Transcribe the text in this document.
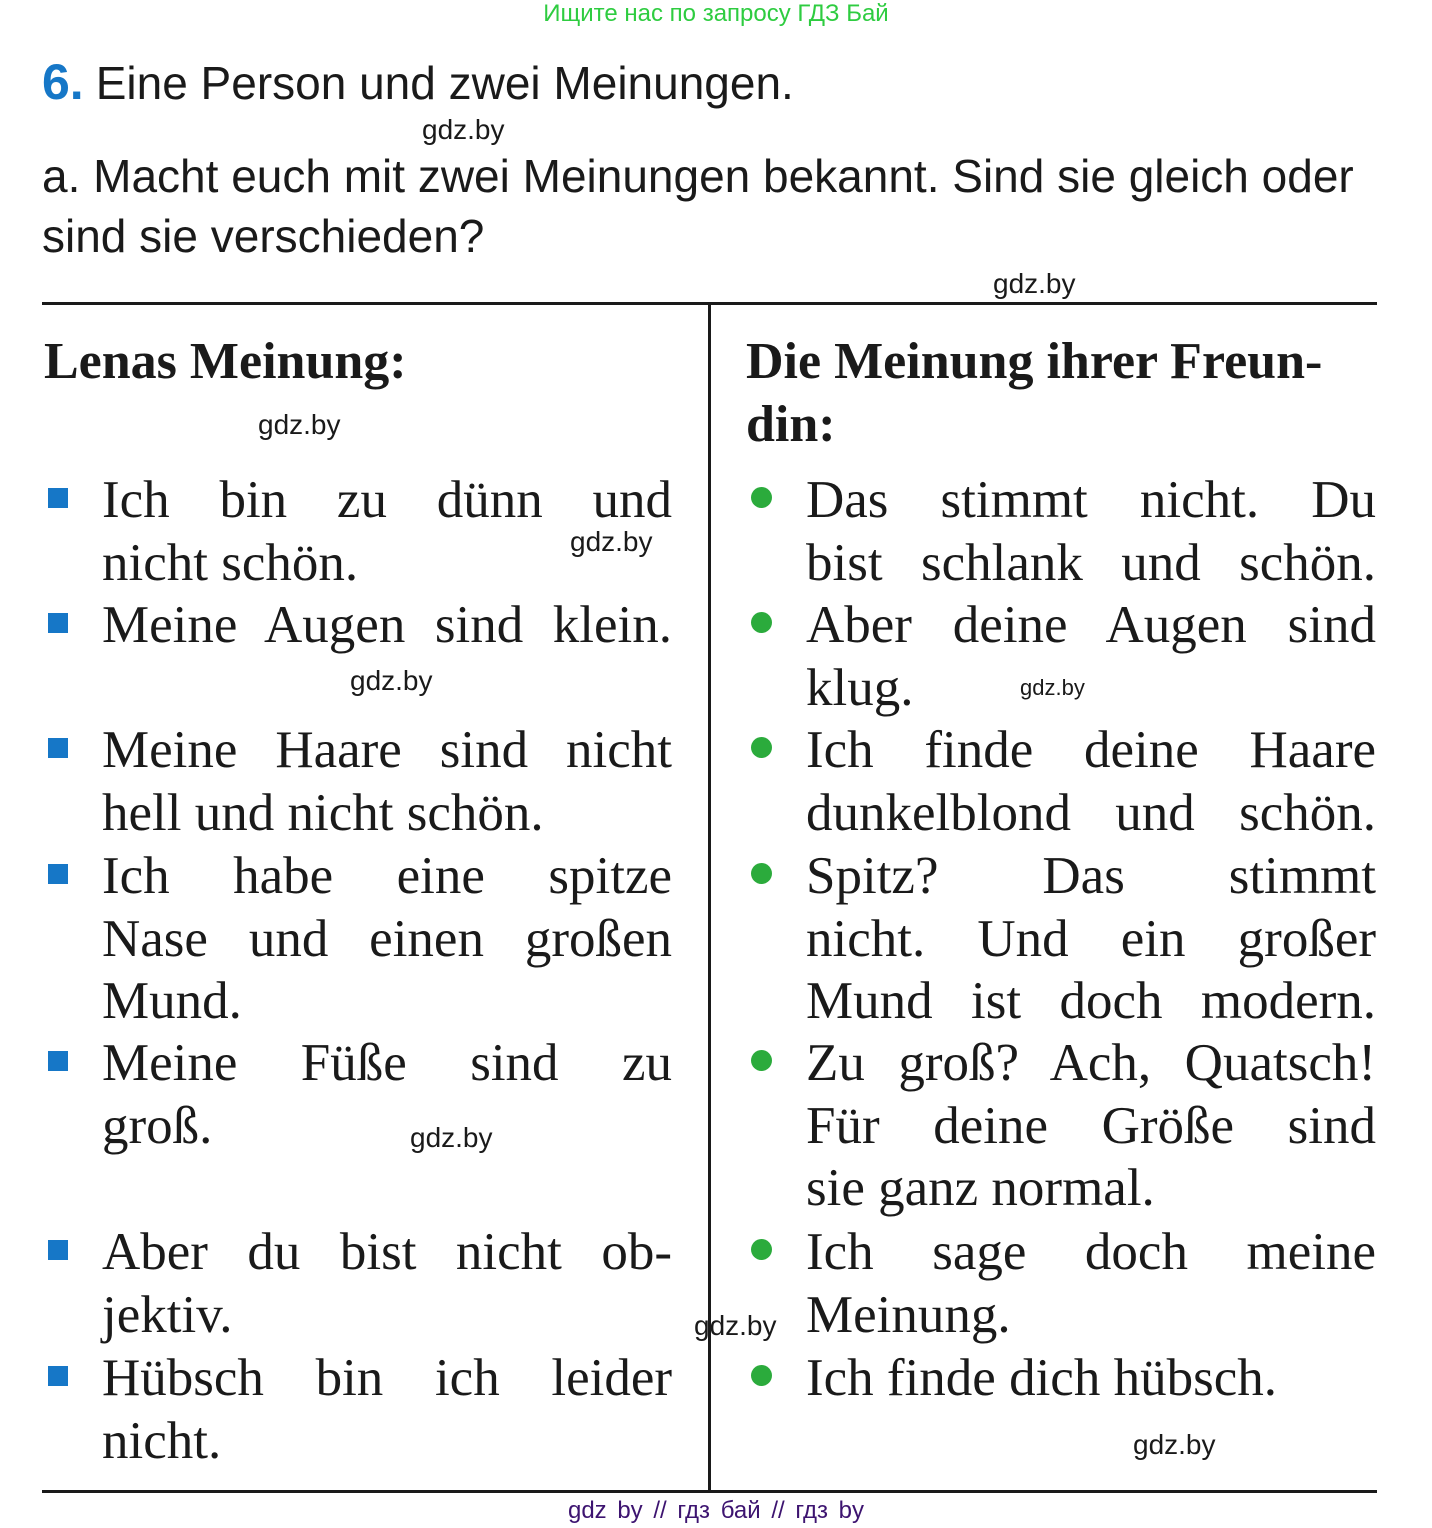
Ищите нас по запросу ГДЗ Бай
6. Eine Person und zwei Meinungen.
gdz.by
a. Macht euch mit zwei Meinungen bekannt. Sind sie gleich oder sind sie verschieden?
gdz.by
Lenas Meinung:
gdz.by
Ich bin zu dünn und
nicht schön.	gdz.by
Meine Augen sind klein.
gdz.by
Meine Haare sind nicht
hell und nicht schön.
Ich habe eine spitze
Nase und einen großen
Mund.
Meine Füße sind zu
groß.	gdz.by
Aber du bist nicht ob-
jektiv.
Hübsch bin ich leider
nicht.
gdz.by
Die Meinung ihrer Freun-
din:
Das stimmt nicht. Du
bist schlank und schön.
Aber deine Augen sind
klug.	gdz.by
Ich finde deine Haare
dunkelblond und schön.
Spitz? Das stimmt
nicht. Und ein großer
Mund ist doch modern.
Zu groß? Ach, Quatsch!
Für deine Größe sind
sie ganz normal.
Ich sage doch meine
Meinung.
Ich finde dich hübsch.
gdz.by
gdz by // гдз бай // гдз by
